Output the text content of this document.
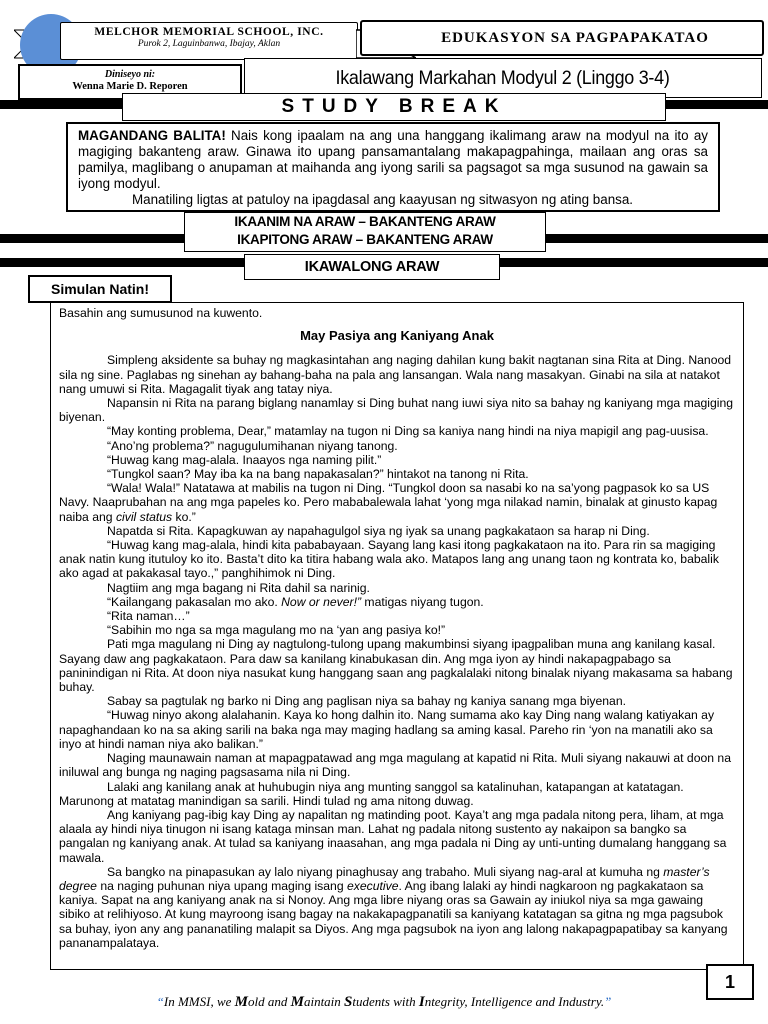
MELCHOR MEMORIAL SCHOOL, INC.
Purok 2, Laguinbanwa, Ibajay, Aklan	EDUKASYON SA PAGPAPAKATAO
Diniseyo ni:
Wenna Marie D. Reporen	Ikalawang Markahan Modyul 2 (Linggo 3-4)
STUDY BREAK
MAGANDANG BALITA! Nais kong ipaalam na ang una hanggang ikalimang araw na modyul na ito ay magiging bakanteng araw. Ginawa ito upang pansamantalang makapagpahinga, mailaan ang oras sa pamilya, maglibang o anupaman at maihanda ang iyong sarili sa pagsagot sa mga susunod na gawain sa iyong modyul.
Manatiling ligtas at patuloy na ipagdasal ang kaayusan ng sitwasyon ng ating bansa.
IKAANIM NA ARAW – BAKANTENG ARAW
IKAPITONG ARAW – BAKANTENG ARAW
IKAWALONG ARAW
Simulan Natin!

Basahin ang sumusunod na kuwento.

May Pasiya ang Kaniyang Anak

Simpleng aksidente sa buhay ng magkasintahan ang naging dahilan kung bakit nagtanan sina Rita at Ding. Nanood sila ng sine. Paglabas ng sinehan ay bahang-baha na pala ang lansangan. Wala nang masakyan. Ginabi na sila at natakot nang umuwi si Rita. Magagalit tiyak ang tatay niya.

Napansin ni Rita na parang biglang nanamlay si Ding buhat nang iuwi siya nito sa bahay ng kaniyang mga magiging biyenan.

“May konting problema, Dear,” matamlay na tugon ni Ding sa kaniya nang hindi na niya mapigil ang pag-uusisa.

“Ano’ng problema?” nagugulumihanan niyang tanong.

“Huwag kang mag-alala. Inaayos nga naming pilit.”

“Tungkol saan? May iba ka na bang napakasalan?” hintakot na tanong ni Rita.

“Wala! Wala!” Natatawa at mabilis na tugon ni Ding. “Tungkol doon sa nasabi ko na sa’yong pagpasok ko sa US Navy. Naaprubahan na ang mga papeles ko. Pero mababalewala lahat ‘yong mga nilakad namin, binalak at ginusto kapag naiba ang civil status ko.”

Napatda si Rita. Kapagkuwan ay napahagulgol siya ng iyak sa unang pagkakataon sa harap ni Ding.

“Huwag kang mag-alala, hindi kita pababayaan. Sayang lang kasi itong pagkakataon na ito. Para rin sa magiging anak natin kung itutuloy ko ito. Basta’t dito ka titira habang wala ako. Matapos lang ang unang taon ng kontrata ko, babalik ako agad at pakakasal tayo.,” panghihimok ni Ding.

Nagtiim ang mga bagang ni Rita dahil sa narinig.

“Kailangang pakasalan mo ako. Now or never!” matigas niyang tugon.

“Rita naman…”

“Sabihin mo nga sa mga magulang mo na ‘yan ang pasiya ko!”

Pati mga magulang ni Ding ay nagtulong-tulong upang makumbinsi siyang ipagpaliban muna ang kanilang kasal. Sayang daw ang pagkakataon. Para daw sa kanilang kinabukasan din. Ang mga iyon ay hindi nakapagpabago sa paninindigan ni Rita. At doon niya nasukat kung hanggang saan ang pagkalalaki nitong binalak niyang makasama sa habang buhay.

Sabay sa pagtulak ng barko ni Ding ang paglisan niya sa bahay ng kaniya sanang mga biyenan.

“Huwag ninyo akong alalahanin. Kaya ko hong dalhin ito. Nang sumama ako kay Ding nang walang katiyakan ay napaghandaan ko na sa aking sarili na baka nga may maging hadlang sa aming kasal. Pareho rin ‘yon na manatili ako sa inyo at hindi naman niya ako balikan.”

Naging maunawain naman at mapagpatawad ang mga magulang at kapatid ni Rita. Muli siyang nakauwi at doon na iniluwal ang bunga ng naging pagsasama nila ni Ding.

Lalaki ang kanilang anak at huhubugin niya ang munting sanggol sa katalinuhan, katapangan at katatagan. Marunong at matatag manindigan sa sarili. Hindi tulad ng ama nitong duwag.

Ang kaniyang pag-ibig kay Ding ay napalitan ng matinding poot. Kaya’t ang mga padala nitong pera, liham, at mga alaala ay hindi niya tinugon ni isang kataga minsan man. Lahat ng padala nitong sustento ay nakaipon sa bangko sa pangalan ng kaniyang anak. At tulad sa kaniyang inaasahan, ang mga padala ni Ding ay unti-unting dumalang hanggang sa mawala.

Sa bangko na pinapasukan ay lalo niyang pinaghusay ang trabaho. Muli siyang nag-aral at kumuha ng master’s degree na naging puhunan niya upang maging isang executive. Ang ibang lalaki ay hindi nagkaroon ng pagkakataon sa kaniya. Sapat na ang kaniyang anak na si Nonoy. Ang mga libre niyang oras sa Gawain ay iniukol niya sa mga gawaing sibiko at relihiyoso. At kung mayroong isang bagay na nakakapagpanatili sa kaniyang katatagan sa gitna ng mga pagsubok sa buhay, iyon any ang pananatiling malapit sa Diyos. Ang mga pagsubok na iyon ang lalong nakapagpapatibay sa kanyang pananampalataya.

1
“In MMSI, we Mold and Maintain Students with Integrity, Intelligence and Industry.”
